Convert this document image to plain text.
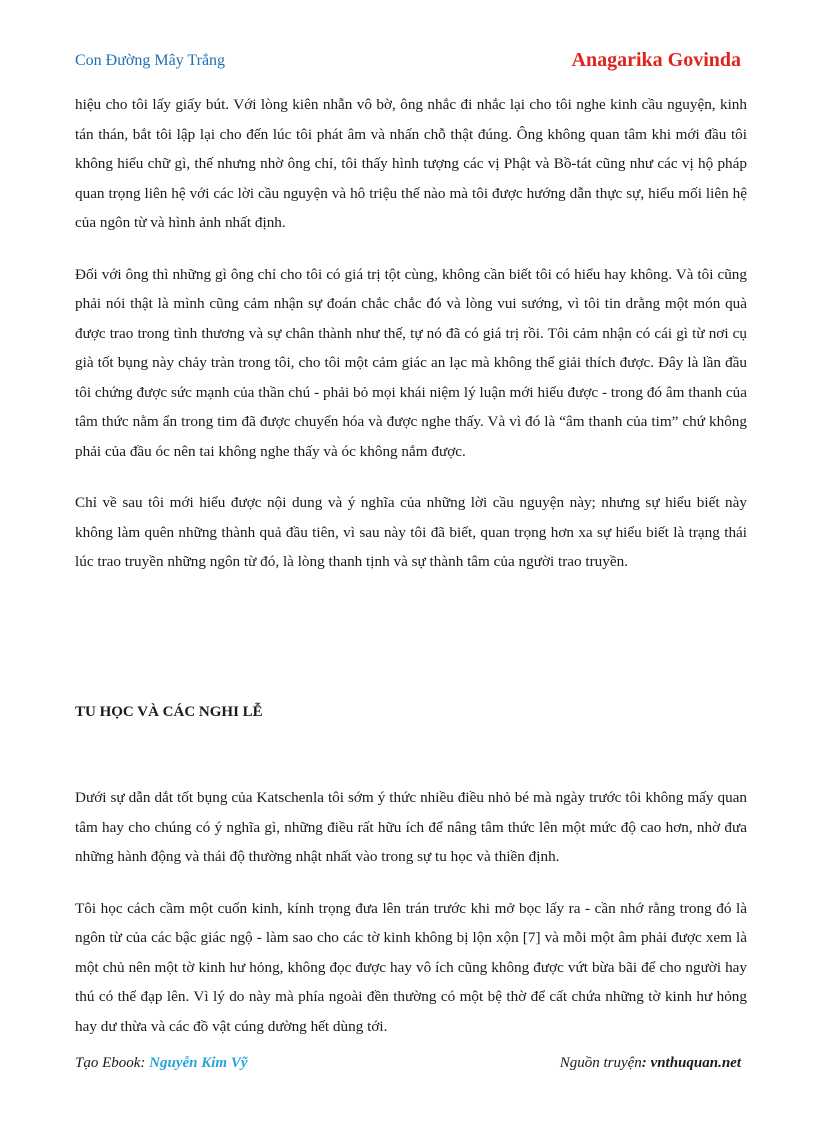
Con Đường Mây Trắng	Anagarika Govinda

hiệu cho tôi lấy giấy bút. Với lòng kiên nhẫn vô bờ, ông nhắc đi nhắc lại cho tôi nghe kinh cầu nguyện, kinh tán thán, bắt tôi lập lại cho đến lúc tôi phát âm và nhấn chỗ thật đúng. Ông không quan tâm khi mới đầu tôi không hiểu chữ gì, thế nhưng nhờ ông chỉ, tôi thấy hình tượng các vị Phật và Bồ-tát cũng như các vị hộ pháp quan trọng liên hệ với các lời cầu nguyện và hô triệu thế nào mà tôi được hướng dẫn thực sự, hiểu mối liên hệ của ngôn từ và hình ảnh nhất định.

Đối với ông thì những gì ông chỉ cho tôi có giá trị tột cùng, không cần biết tôi có hiểu hay không. Và tôi cũng phải nói thật là mình cũng cảm nhận sự đoán chắc chắc đó và lòng vui sướng, vì tôi tin drằng một món quà được trao trong tình thương và sự chân thành như thế, tự nó đã có giá trị rồi. Tôi cảm nhận có cái gì từ nơi cụ già tốt bụng này chảy tràn trong tôi, cho tôi một cảm giác an lạc mà không thể giải thích được. Đây là lần đầu tôi chứng được sức mạnh của thần chú - phải bỏ mọi khái niệm lý luận mới hiểu được - trong đó âm thanh của tâm thức nằm ẩn trong tim đã được chuyển hóa và được nghe thấy. Và vì đó là “âm thanh của tim” chứ không phải của đầu óc nên tai không nghe thấy và óc không nắm được.

Chỉ về sau tôi mới hiểu được nội dung và ý nghĩa của những lời cầu nguyện này; nhưng sự hiểu biết này không làm quên những thành quả đầu tiên, vì sau này tôi đã biết, quan trọng hơn xa sự hiểu biết là trạng thái lúc trao truyền những ngôn từ đó, là lòng thanh tịnh và sự thành tâm của người trao truyền.

TU HỌC VÀ CÁC NGHI LỄ

Dưới sự dẫn dắt tốt bụng của Katschenla tôi sớm ý thức nhiều điều nhỏ bé mà ngày trước tôi không mấy quan tâm hay cho chúng có ý nghĩa gì, những điều rất hữu ích để nâng tâm thức lên một mức độ cao hơn, nhờ đưa những hành động và thái độ thường nhật nhất vào trong sự tu học và thiền định.

Tôi học cách cầm một cuốn kinh, kính trọng đưa lên trán trước khi mở bọc lấy ra - cần nhớ rằng trong đó là ngôn từ của các bậc giác ngộ - làm sao cho các tờ kinh không bị lộn xộn [7] và mỗi một âm phải được xem là một chủ nên một tờ kinh hư hỏng, không đọc được hay vô ích cũng không được vứt bừa bãi để cho người hay thú có thể đạp lên. Vì lý do này mà phía ngoài đền thường có một bệ thờ để cất chứa những tờ kinh hư hỏng hay dư thừa và các đồ vật cúng dường hết dùng tới.

Tạo Ebook: Nguyễn Kim Vỹ	Nguồn truyện: vnthuquan.net
